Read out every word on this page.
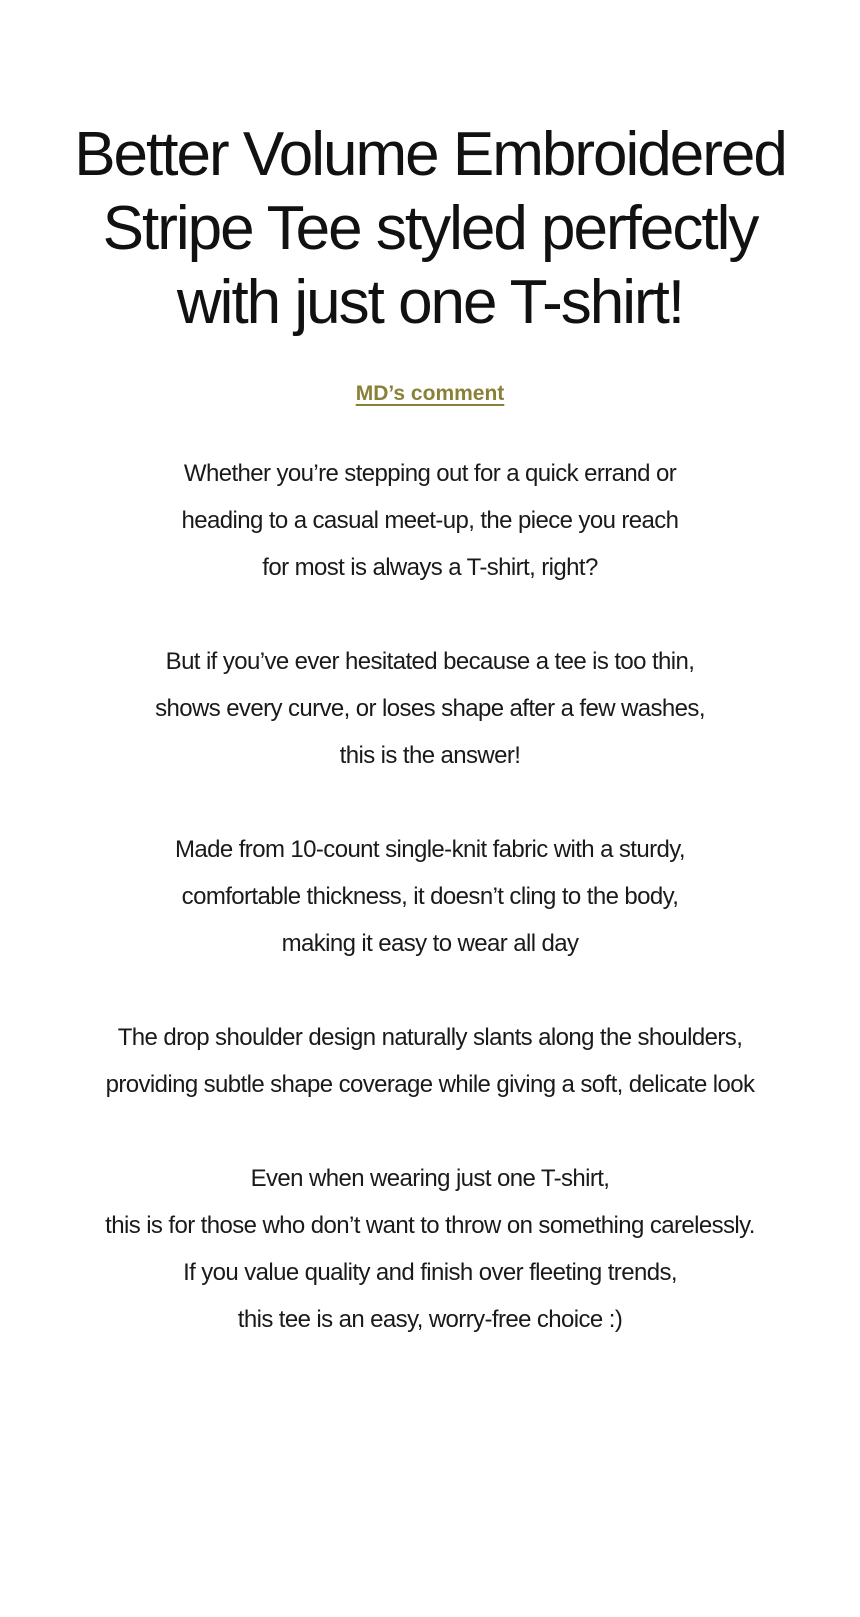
Better Volume Embroidered
Stripe Tee styled perfectly
with just one T-shirt!

MD’s comment

Whether you’re stepping out for a quick errand or
heading to a casual meet-up, the piece you reach
for most is always a T-shirt, right?

But if you’ve ever hesitated because a tee is too thin,
shows every curve, or loses shape after a few washes,
this is the answer!

Made from 10-count single-knit fabric with a sturdy,
comfortable thickness, it doesn’t cling to the body,
making it easy to wear all day

The drop shoulder design naturally slants along the shoulders,
providing subtle shape coverage while giving a soft, delicate look

Even when wearing just one T-shirt,
this is for those who don’t want to throw on something carelessly.
If you value quality and finish over fleeting trends,
this tee is an easy, worry-free choice :)
